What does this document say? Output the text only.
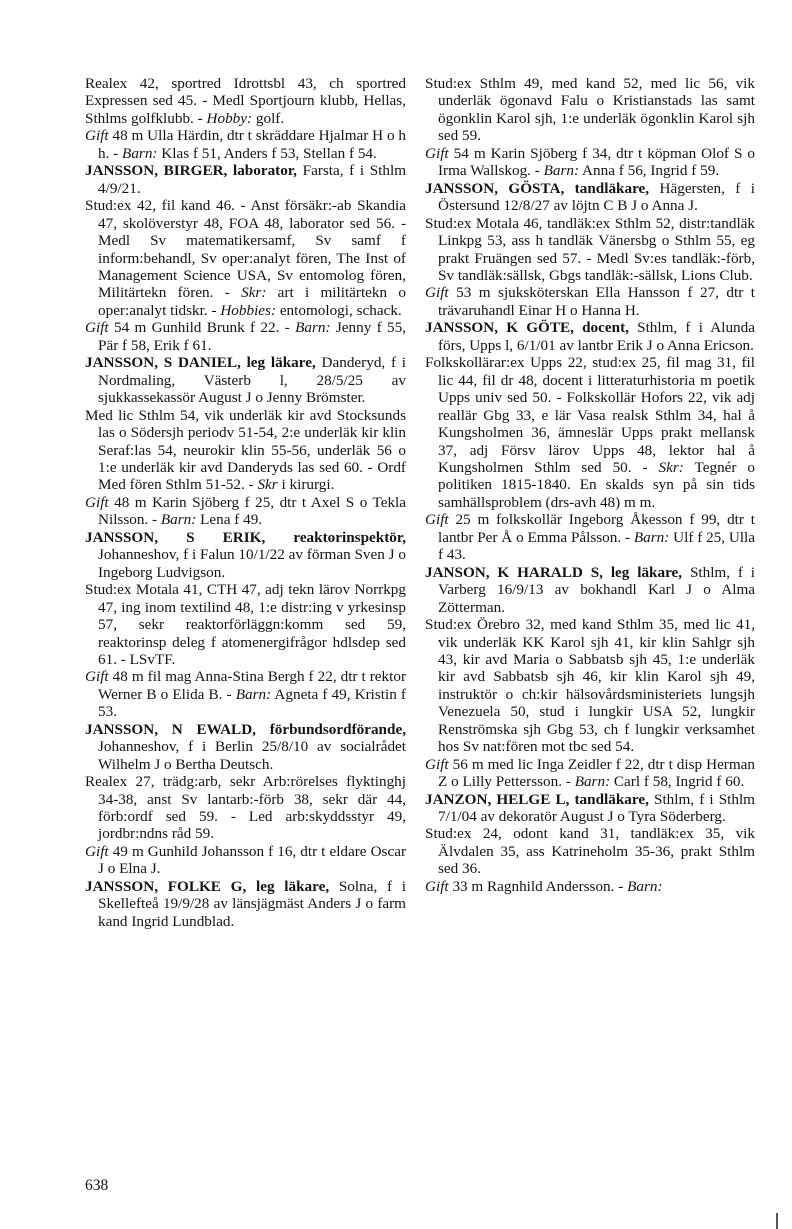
Realex 42, sportred Idrottsbl 43, ch sportred Expressen sed 45. - Medl Sportjourn klubb, Hellas, Sthlms golfklubb. - Hobby: golf.

Gift 48 m Ulla Härdin, dtr t skräddare Hjalmar H o h h. - Barn: Klas f 51, Anders f 53, Stellan f 54.

JANSSON, BIRGER, laborator, Farsta, f i Sthlm 4/9/21.

Stud:ex 42, fil kand 46. - Anst försäkr:-ab Skandia 47, skolöverstyr 48, FOA 48, laborator sed 56. - Medl Sv matematikersamf, Sv samf f inform:behandl, Sv oper:analyt fören, The Inst of Management Science USA, Sv entomolog fören, Militärtekn fören. - Skr: art i militärtekn o oper:analyt tidskr. - Hobbies: entomologi, schack.

Gift 54 m Gunhild Brunk f 22. - Barn: Jenny f 55, Pär f 58, Erik f 61.

JANSSON, S DANIEL, leg läkare, Danderyd, f i Nordmaling, Västerb l, 28/5/25 av sjukkassekassör August J o Jenny Brömster.

Med lic Sthlm 54, vik underläk kir avd Stocksunds las o Södersjh periodv 51-54, 2:e underläk kir klin Seraf:las 54, neurokir klin 55-56, underläk 56 o 1:e underläk kir avd Danderyds las sed 60. - Ordf Med fören Sthlm 51-52. - Skr i kirurgi.

Gift 48 m Karin Sjöberg f 25, dtr t Axel S o Tekla Nilsson. - Barn: Lena f 49.

JANSSON, S ERIK, reaktorinspektör, Johanneshov, f i Falun 10/1/22 av förman Sven J o Ingeborg Ludvigson.

Stud:ex Motala 41, CTH 47, adj tekn lärov Norrkpg 47, ing inom textilind 48, 1:e distr:ing v yrkesinsp 57, sekr reaktorförläggn:komm sed 59, reaktorinsp deleg f atomenergifrågor hdlsdep sed 61. - LSvTF.

Gift 48 m fil mag Anna-Stina Bergh f 22, dtr t rektor Werner B o Elida B. - Barn: Agneta f 49, Kristin f 53.

JANSSON, N EWALD, förbundsordförande, Johanneshov, f i Berlin 25/8/10 av socialrådet Wilhelm J o Bertha Deutsch.

Realex 27, trädg:arb, sekr Arb:rörelses flyktinghj 34-38, anst Sv lantarb:-förb 38, sekr där 44, förb:ordf sed 59. - Led arb:skyddsstyr 49, jordbr:ndns råd 59.

Gift 49 m Gunhild Johansson f 16, dtr t eldare Oscar J o Elna J.

JANSSON, FOLKE G, leg läkare, Solna, f i Skellefteå 19/9/28 av länsjägmäst Anders J o farm kand Ingrid Lundblad.

Stud:ex Sthlm 49, med kand 52, med lic 56, vik underläk ögonavd Falu o Kristianstads las samt ögonklin Karol sjh, 1:e underläk ögonklin Karol sjh sed 59.

Gift 54 m Karin Sjöberg f 34, dtr t köpman Olof S o Irma Wallskog. - Barn: Anna f 56, Ingrid f 59.

JANSSON, GÖSTA, tandläkare, Hägersten, f i Östersund 12/8/27 av löjtn C B J o Anna J.

Stud:ex Motala 46, tandläk:ex Sthlm 52, distr:tandläk Linkpg 53, ass h tandläk Vänersbg o Sthlm 55, eg prakt Fruängen sed 57. - Medl Sv:es tandläk:-förb, Sv tandläk:sällsk, Gbgs tandläk:-sällsk, Lions Club.

Gift 53 m sjuksköterskan Ella Hansson f 27, dtr t trävaruhandl Einar H o Hanna H.

JANSSON, K GÖTE, docent, Sthlm, f i Alunda förs, Upps l, 6/1/01 av lantbr Erik J o Anna Ericson.

Folkskollärar:ex Upps 22, stud:ex 25, fil mag 31, fil lic 44, fil dr 48, docent i litteraturhistoria m poetik Upps univ sed 50. - Folkskollär Hofors 22, vik adj reallär Gbg 33, e lär Vasa realsk Sthlm 34, hal å Kungsholmen 36, ämneslär Upps prakt mellansk 37, adj Försv lärov Upps 48, lektor hal å Kungsholmen Sthlm sed 50. - Skr: Tegnér o politiken 1815-1840. En skalds syn på sin tids samhällsproblem (drs-avh 48) m m.

Gift 25 m folkskollär Ingeborg Åkesson f 99, dtr t lantbr Per Å o Emma Pålsson. - Barn: Ulf f 25, Ulla f 43.

JANSON, K HARALD S, leg läkare, Sthlm, f i Varberg 16/9/13 av bokhandl Karl J o Alma Zötterman.

Stud:ex Örebro 32, med kand Sthlm 35, med lic 41, vik underläk KK Karol sjh 41, kir klin Sahlgr sjh 43, kir avd Maria o Sabbatsb sjh 45, 1:e underläk kir avd Sabbatsb sjh 46, kir klin Karol sjh 49, instruktör o ch:kir hälsovårdsministeriets lungsjh Venezuela 50, stud i lungkir USA 52, lungkir Renströmska sjh Gbg 53, ch f lungkir verksamhet hos Sv nat:fören mot tbc sed 54.

Gift 56 m med lic Inga Zeidler f 22, dtr t disp Herman Z o Lilly Pettersson. - Barn: Carl f 58, Ingrid f 60.

JANZON, HELGE L, tandläkare, Sthlm, f i Sthlm 7/1/04 av dekoratör August J o Tyra Söderberg.

Stud:ex 24, odont kand 31, tandläk:ex 35, vik Älvdalen 35, ass Katrineholm 35-36, prakt Sthlm sed 36.

Gift 33 m Ragnhild Andersson. - Barn:

638
